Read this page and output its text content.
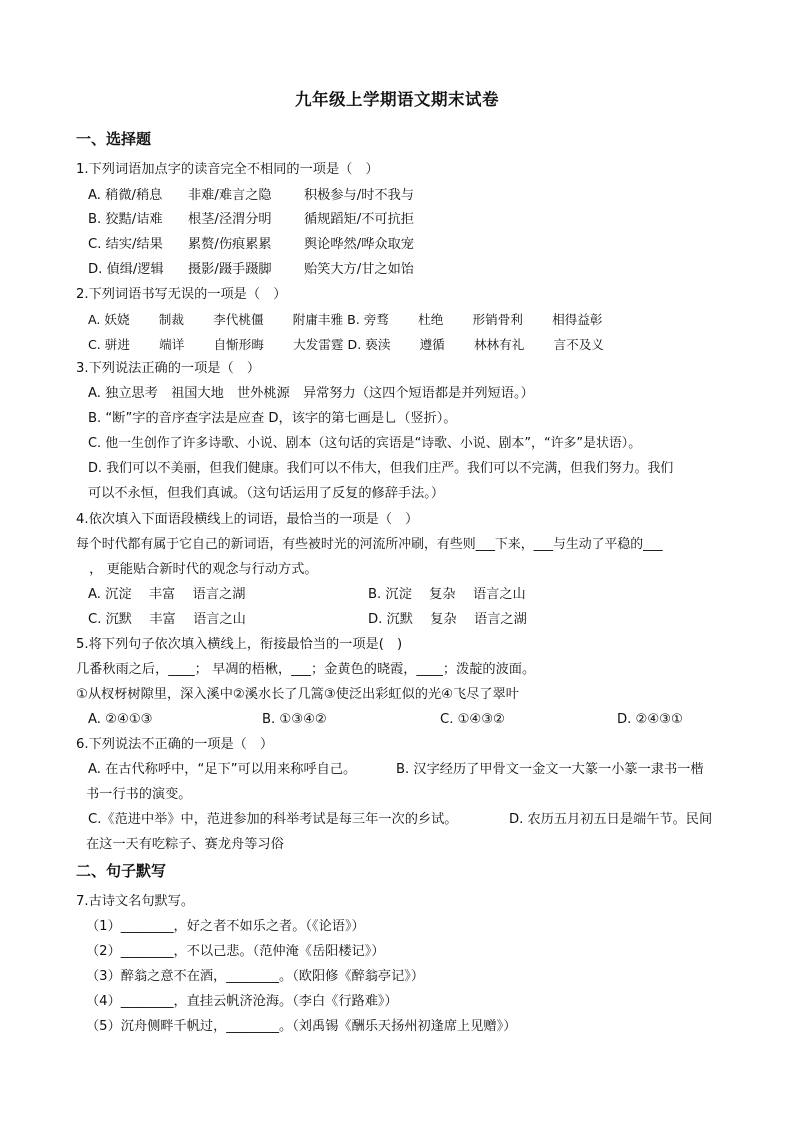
九年级上学期语文期末试卷
一、选择题
1.下列词语加点字的读音完全不相同的一项是（　）
A. 稍微/稍息 非难/难言之隐 积极参与/时不我与
B. 狡黠/诘难 根茎/泾渭分明 循规蹈矩/不可抗拒
C. 结实/结果 累赘/伤痕累累 舆论哗然/哗众取宠
D. 偵缉/逻辑 摄影/蹑手蹑脚 贻笑大方/甘之如饴
2.下列词语书写无误的一项是（　）
A. 妖娆　　 制裁　　 李代桃僵　　 附庸丰雅 B. 旁骛　　 杜绝　　 形销骨利　　 相得益彰
C. 骈进　　 端详　　 自惭形晦　　 大发雷霆 D. 亵渎　　 遵循　　 林林有礼　　 言不及义
3.下列说法正确的一项是（　）
A. 独立思考　祖国大地　世外桃源　异常努力（这四个短语都是并列短语。）
B. “断”字的音序查字法是应查 D，该字的第七画是乚（竖折）。
C. 他一生创作了许多诗歌、小说、剧本（这句话的宾语是“诗歌、小说、剧本”，“许多”是状语）。
D. 我们可以不美丽，但我们健康。我们可以不伟大，但我们庄严。我们可以不完满，但我们努力。我们
可以不永恒，但我们真诚。（这句话运用了反复的修辞手法。）
4.依次填入下面语段横线上的词语，最恰当的一项是（　）
每个时代都有属于它自己的新词语，有些被时光的河流所冲刷，有些则___下来，___与生动了平稳的___
　， 更能贴合新时代的观念与行动方式。
A. 沉淀　 丰富　 语言之湖	B. 沉淀　 复杂　 语言之山
C. 沉默　 丰富　 语言之山	D. 沉默　 复杂　 语言之湖
5.将下列句子依次填入横线上，衔接最恰当的一项是(　)
几番秋雨之后，____； 早凋的梧楸，___；金黄色的晓霞，____；泼靛的波面。
①从杈枒树隙里，深入溪中②溪水长了几篙③使泛出彩虹似的光④飞尽了翠叶
A. ②④①③	B. ①③④②	C. ①④③②	D. ②④③①
6.下列说法不正确的一项是（　）
A. 在古代称呼中，“足下”可以用来称呼自己。	B. 汉字经历了甲骨文一金文一大篆一小篆一隶书一楷
书一行书的演变。
C.《范进中举》中，范进参加的科举考试是每三年一次的乡试。	D. 农历五月初五日是端午节。民间
在这一天有吃粽子、赛龙舟等习俗
二、句子默写
7.古诗文名句默写。
（1）________，好之者不如乐之者。（《论语》）
（2）________，不以己悲。（范仲淹《岳阳楼记》）
（3）醉翁之意不在酒，________。（欧阳修《醉翁亭记》）
（4）________，直挂云帆济沧海。（李白《行路难》）
（5）沉舟侧畔千帆过，________。（刘禹锡《酬乐天扬州初逢席上见赠》）
